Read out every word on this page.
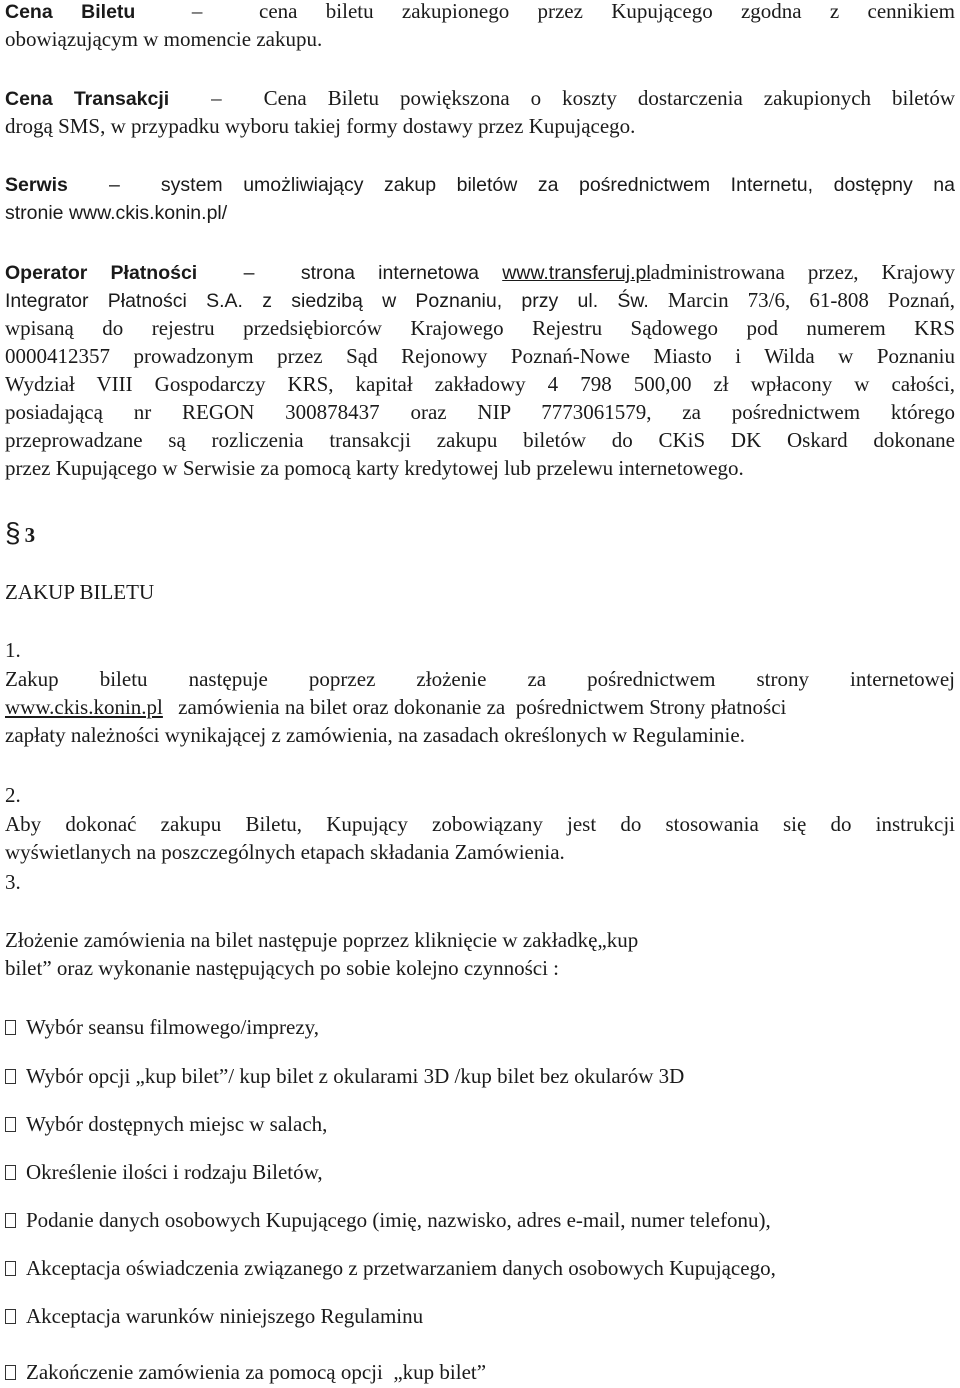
Cena Biletu  –  cena biletu zakupionego przez Kupującego zgodna z cennikiem
obowiązującym w momencie zakupu.
Cena Transakcji  –  Cena Biletu powiększona o koszty dostarczenia zakupionych biletów
drogą SMS, w przypadku wyboru takiej formy dostawy przez Kupującego.
Serwis  –  system umożliwiający zakup biletów za pośrednictwem Internetu, dostępny na
stronie www.ckis.konin.pl/
Operator Płatności  –  strona internetowa www.transferuj.pladministrowana przez, Krajowy
Integrator Płatności S.A. z siedzibą w Poznaniu, przy ul. Św. Marcin 73/6, 61-808 Poznań,
wpisaną do rejestru przedsiębiorców Krajowego Rejestru Sądowego pod numerem KRS
0000412357 prowadzonym przez Sąd Rejonowy Poznań-Nowe Miasto i Wilda w Poznaniu
Wydział VIII Gospodarczy KRS, kapitał zakładowy 4 798 500,00 zł wpłacony w całości,
posiadającą nr REGON 300878437 oraz NIP 7773061579, za pośrednictwem którego
przeprowadzane są rozliczenia transakcji zakupu biletów do CKiS DK Oskard dokonane
przez Kupującego w Serwisie za pomocą karty kredytowej lub przelewu internetowego.
§ 3
ZAKUP BILETU
1.
Zakup biletu następuje poprzez złożenie za pośrednictwem strony internetowej
www.ckis.konin.pl zamówienia na bilet oraz dokonanie za  pośrednictwem Strony płatności
zapłaty należności wynikającej z zamówienia, na zasadach określonych w Regulaminie.
2.
Aby dokonać zakupu Biletu, Kupujący zobowiązany jest do stosowania się do instrukcji
wyświetlanych na poszczególnych etapach składania Zamówienia.
3.
Złożenie zamówienia na bilet następuje poprzez kliknięcie w zakładkę„kup
bilet” oraz wykonanie następujących po sobie kolejno czynności :
Wybór seansu filmowego/imprezy,
Wybór opcji „kup bilet”/ kup bilet z okularami 3D /kup bilet bez okularów 3D
Wybór dostępnych miejsc w salach,
Określenie ilości i rodzaju Biletów,
Podanie danych osobowych Kupującego (imię, nazwisko, adres e-mail, numer telefonu),
Akceptacja oświadczenia związanego z przetwarzaniem danych osobowych Kupującego,
Akceptacja warunków niniejszego Regulaminu
Zakończenie zamówienia za pomocą opcji  „kup bilet”
